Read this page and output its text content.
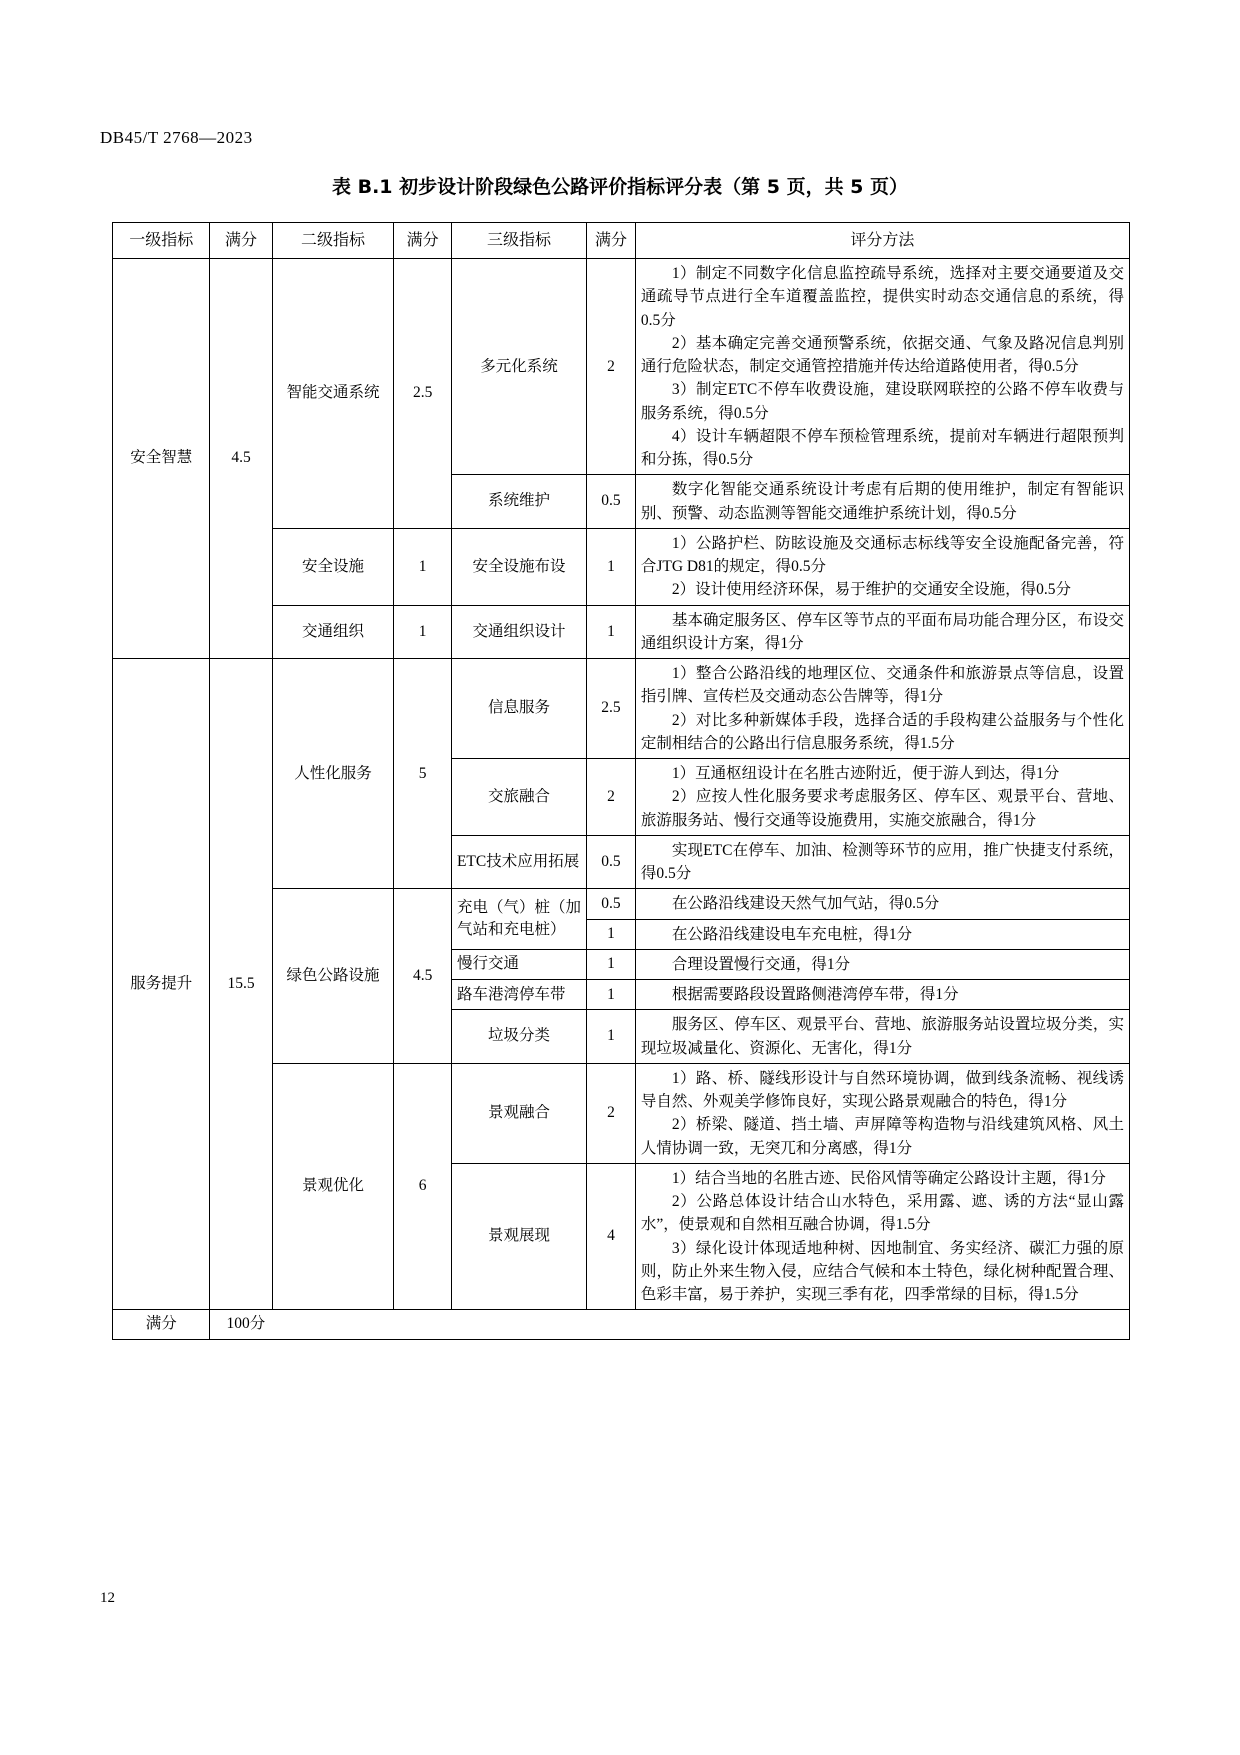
DB45/T 2768—2023
表 B.1 初步设计阶段绿色公路评价指标评分表（第 5 页，共 5 页）
一级指标	满分	二级指标	满分	三级指标	满分	评分方法
安全智慧	4.5	智能交通系统	2.5	多元化系统	2	1）制定不同数字化信息监控疏导系统，选择对主要交通要道及交通疏导节点进行全车道覆盖监控，提供实时动态交通信息的系统，得0.5分

2）基本确定完善交通预警系统，依据交通、气象及路况信息判别通行危险状态，制定交通管控措施并传达给道路使用者，得0.5分

3）制定ETC不停车收费设施，建设联网联控的公路不停车收费与服务系统，得0.5分

4）设计车辆超限不停车预检管理系统，提前对车辆进行超限预判和分拣，得0.5分

				系统维护	0.5	数字化智能交通系统设计考虑有后期的使用维护，制定有智能识别、预警、动态监测等智能交通维护系统计划，得0.5分

		安全设施	1	安全设施布设	1	1）公路护栏、防眩设施及交通标志标线等安全设施配备完善，符合JTG D81的规定，得0.5分

2）设计使用经济环保，易于维护的交通安全设施，得0.5分

		交通组织	1	交通组织设计	1	基本确定服务区、停车区等节点的平面布局功能合理分区，布设交通组织设计方案，得1分

服务提升	15.5	人性化服务	5	信息服务	2.5	1）整合公路沿线的地理区位、交通条件和旅游景点等信息，设置指引牌、宣传栏及交通动态公告牌等，得1分

2）对比多种新媒体手段，选择合适的手段构建公益服务与个性化定制相结合的公路出行信息服务系统，得1.5分

				交旅融合	2	1）互通枢纽设计在名胜古迹附近，便于游人到达，得1分

2）应按人性化服务要求考虑服务区、停车区、观景平台、营地、旅游服务站、慢行交通等设施费用，实施交旅融合，得1分

				ETC技术应用拓展	0.5	实现ETC在停车、加油、检测等环节的应用，推广快捷支付系统，得0.5分

		绿色公路设施	4.5	充电（气）桩（加气站和充电桩）	0.5	在公路沿线建设天然气加气站，得0.5分

					1	在公路沿线建设电车充电桩，得1分

				慢行交通	1	合理设置慢行交通，得1分

				路车港湾停车带	1	根据需要路段设置路侧港湾停车带，得1分

				垃圾分类	1	服务区、停车区、观景平台、营地、旅游服务站设置垃圾分类，实现垃圾减量化、资源化、无害化，得1分

		景观优化	6	景观融合	2	1）路、桥、隧线形设计与自然环境协调，做到线条流畅、视线诱导自然、外观美学修饰良好，实现公路景观融合的特色，得1分

2）桥梁、隧道、挡土墙、声屏障等构造物与沿线建筑风格、风土人情协调一致，无突兀和分离感，得1分

				景观展现	4	1）结合当地的名胜古迹、民俗风情等确定公路设计主题，得1分

2）公路总体设计结合山水特色，采用露、遮、诱的方法“显山露水”，使景观和自然相互融合协调，得1.5分

3）绿化设计体现适地种树、因地制宜、务实经济、碳汇力强的原则，防止外来生物入侵，应结合气候和本土特色，绿化树种配置合理、色彩丰富，易于养护，实现三季有花，四季常绿的目标，得1.5分

满分	100分					
12
